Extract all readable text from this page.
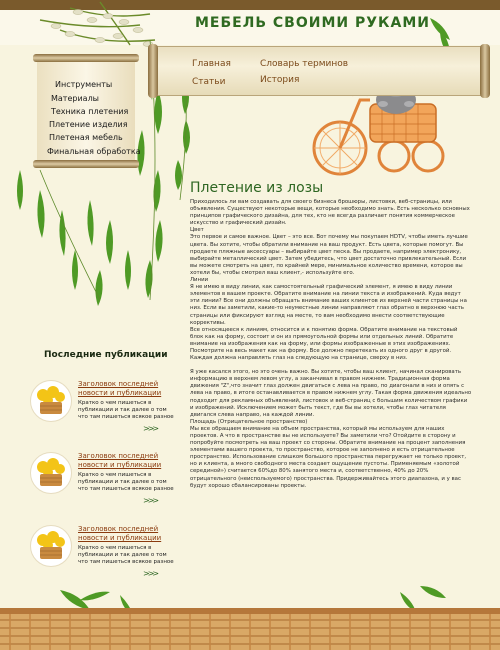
МЕБЕЛЬ СВОИМИ РУКАМИ
Главная	Словарь терминов
Статьи	История
Инструменты
Материалы
Техника плетения
Плетение изделия
Плетеная мебель
Финальная обработка
Плетение из лозы

Приходилось ли вам создавать для своего бизнеса брошюры, листовки, веб-страницы, или объявления. Существуют некоторые вещи, которые необходимо знать. Есть несколько основных принципов графического дизайна, для тех, кто не всегда различает понятия коммерческое искусство и графический дизайн.

Цвет

Это первое и самое важное. Цвет – это все. Вот почему мы покупаем HDTV, чтобы иметь лучшие цвета. Вы хотите, чтобы обратили внимание на ваш продукт. Есть цвета, которые помогут. Вы продаете пляжные аксессуары – выбирайте цвет песка. Вы продаете, например электронику, выбирайте металлический цвет. Затем убедитесь, что цвет достаточно привлекательный. Если вы можете смотреть на цвет, по крайней мере, минимальное количество времени, которое вы хотели бы, чтобы смотрел ваш клиент,- используйте его.

Линии

Я не имею в виду линии, как самостоятельный графический элемент, я имею в виду линии элементов в вашем проекте. Обратите внимание на линии текста и изображений. Куда ведут эти линии? Все они должны обращать внимание ваших клиентов из верхней части страницы на низ. Если вы заметили, какие-то неуместные линии направляют глаз обратно в верхнюю часть страницы или фиксируют взгляд на месте, то вам необходимо внести соответствующие коррективы.

Все относящееся к линиям, относится и к понятию форма. Обратите внимание на текстовый блок как на форму, состоит и он из прямоугольной формы или отдельных линий. Обратите внимание на изображения как на форму, или формы изображенные в этих изображениях. Посмотрите на весь макет как на форму. Все должно перетекать из одного друг в другой. Каждая должна направлять глаз на следующую на странице, сверху в низ.

Я уже касался этого, но это очень важно. Вы хотите, чтобы ваш клиент, начинал сканировать информацию в верхнем левом углу, а заканчивал в правом нижнем. Традиционная форма движения "Z",что значит глаз должен двигаться с лева на право, по диагонали в низ и опять с лева на право, в итоге останавливается в правом нижнем углу. Такая форма движения идеально подходит для рекламных объявлений, листовок и веб-страниц с большим количеством графики и изображений. Исключением может быть текст, где бы вы хотели, чтобы глаз читателя двигался слева направо, на каждой линии.

Площадь (Отрицательное пространство)

Мы все обращаем внимание на объем пространства, который мы используем для наших проектов. А что в пространстве вы не используете? Вы заметили что? Отойдите в сторону и попробуйте посмотреть на ваш проект со стороны. Обратите внимание на процент заполнения элементами вашего проекта, то пространство, которое не заполнено и есть отрицательное пространство. Использование слишком большого пространства перегружает не только проект, но и клиента, а много свободного места создает ощущение пустоты. Применяемым «золотой серединой») считается 60%до 80% занятого места и, соответственно, 40% до 20% отрицательного (неиспользуемого) пространства. Придерживайтесь этого диапазона, и у вас будут хорошо сбалансированы проекты.

Последние публикации
Заголовок последней новости и публикации
Кратко о чем пишеться в публикации и так далее о том что там пишеться всякое разное
>>>
Заголовок последней новости и публикации
Кратко о чем пишеться в публикации и так далее о том что там пишеться всякое разное
>>>
Заголовок последней новости и публикации
Кратко о чем пишеться в публикации и так далее о том что там пишеться всякое разное
>>>
